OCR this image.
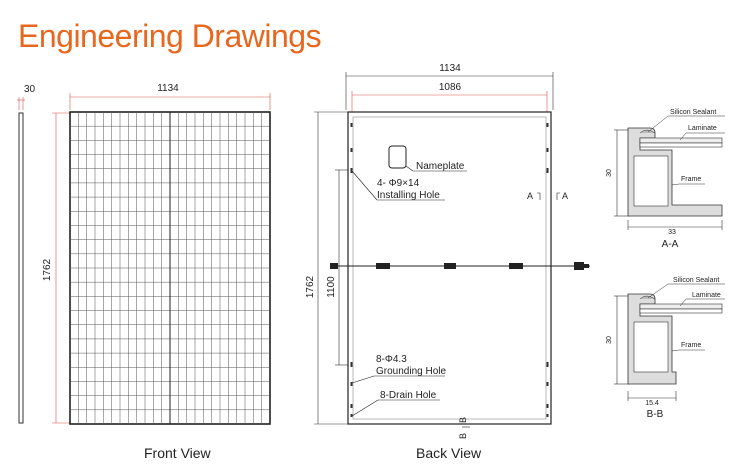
Engineering Drawings
30	1134
1762
1134
1086
1762 1100
Nameplate
4- Φ9×14
Installing Hole	A	A
8-Φ4.3
Grounding Hole
8-Drain Hole
B
B
Silicon Sealant
Laminate
Frame
30
33
A-A
Silicon Sealant
Laminate
Frame
30
15.4
B-B
Front View	Back View
